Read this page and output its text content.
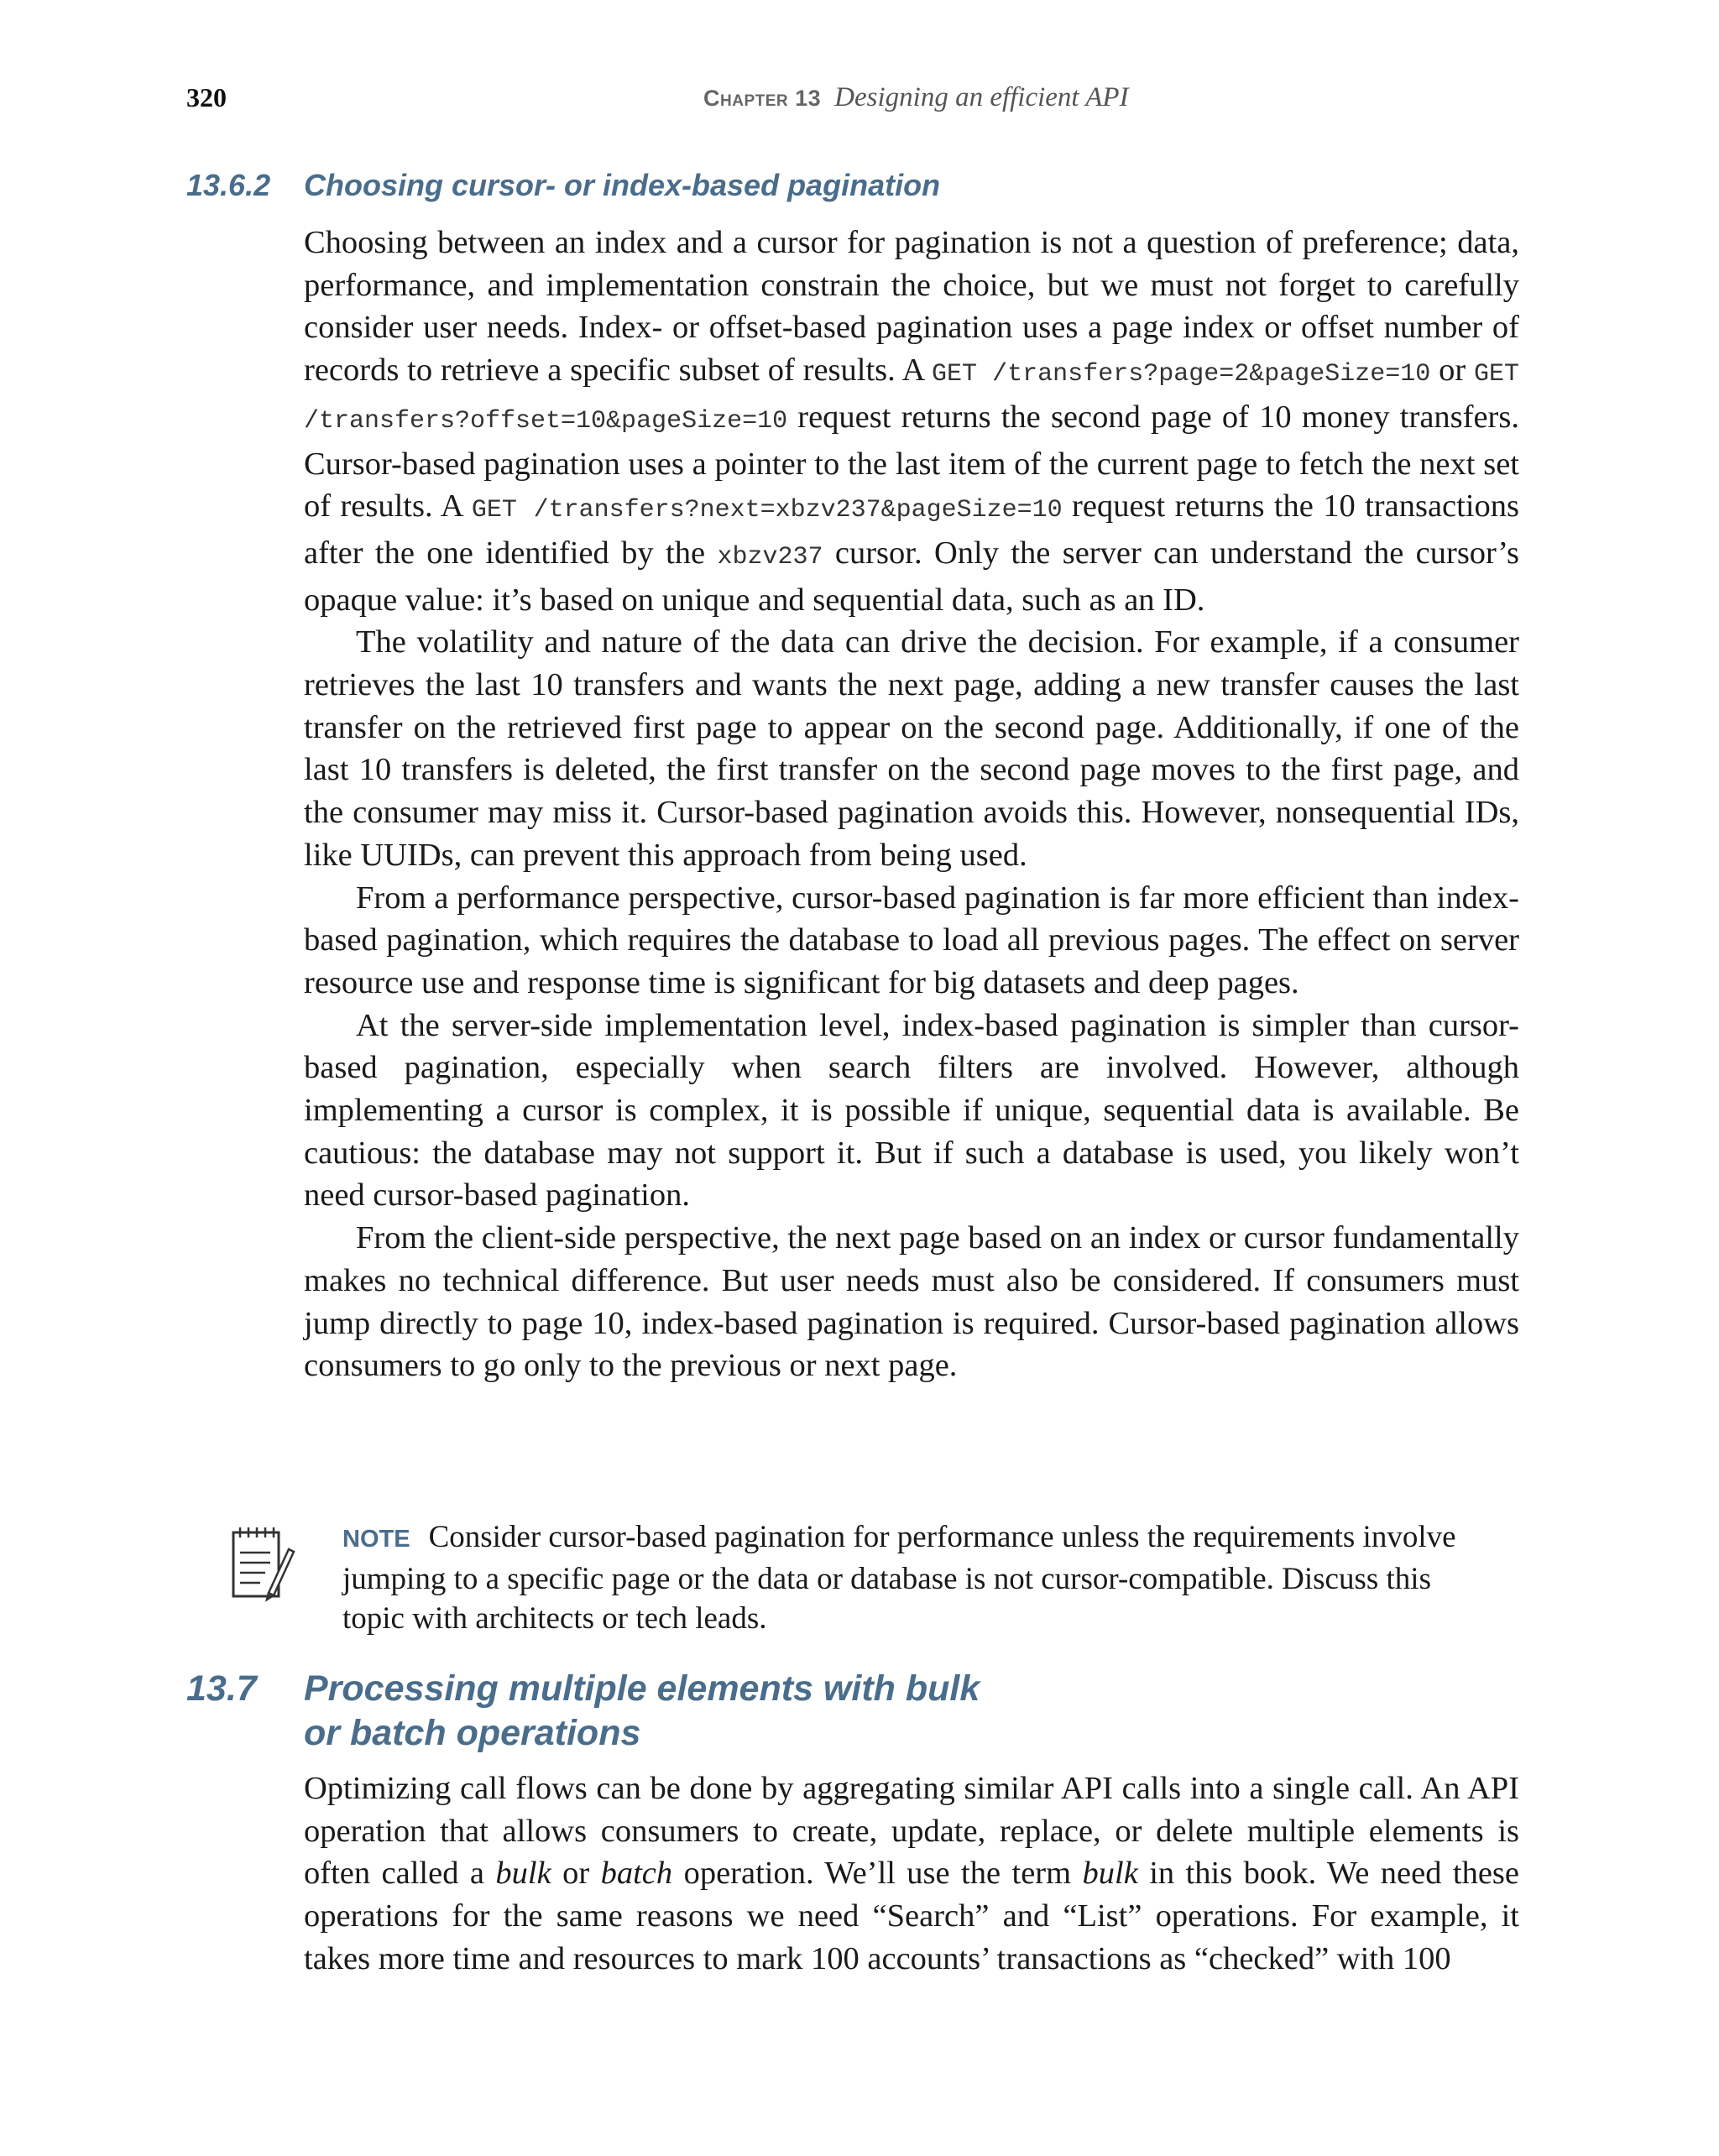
320	Chapter 13 Designing an efficient API
13.6.2 Choosing cursor- or index-based pagination

Choosing between an index and a cursor for pagination is not a question of preference; data, performance, and implementation constrain the choice, but we must not forget to carefully consider user needs. Index- or offset-based pagination uses a page index or offset number of records to retrieve a specific subset of results. A GET /transfers?page=2&pageSize=10 or GET /transfers?offset=10&pageSize=10 request returns the second page of 10 money transfers. Cursor-based pagination uses a pointer to the last item of the current page to fetch the next set of results. A GET /transfers?next=xbzv237&pageSize=10 request returns the 10 transactions after the one identified by the xbzv237 cursor. Only the server can understand the cursor’s opaque value: it’s based on unique and sequential data, such as an ID.

The volatility and nature of the data can drive the decision. For example, if a consumer retrieves the last 10 transfers and wants the next page, adding a new transfer causes the last transfer on the retrieved first page to appear on the second page. Additionally, if one of the last 10 transfers is deleted, the first transfer on the second page moves to the first page, and the consumer may miss it. Cursor-based pagination avoids this. However, nonsequential IDs, like UUIDs, can prevent this approach from being used.

From a performance perspective, cursor-based pagination is far more efficient than index-based pagination, which requires the database to load all previous pages. The effect on server resource use and response time is significant for big datasets and deep pages.

At the server-side implementation level, index-based pagination is simpler than cursor-based pagination, especially when search filters are involved. However, although implementing a cursor is complex, it is possible if unique, sequential data is available. Be cautious: the database may not support it. But if such a database is used, you likely won’t need cursor-based pagination.

From the client-side perspective, the next page based on an index or cursor fundamentally makes no technical difference. But user needs must also be considered. If consumers must jump directly to page 10, index-based pagination is required. Cursor-based pagination allows consumers to go only to the previous or next page.

NOTE Consider cursor-based pagination for performance unless the requirements involve jumping to a specific page or the data or database is not cursor-compatible. Discuss this topic with architects or tech leads.
13.7 Processing multiple elements with bulk
or batch operations

Optimizing call flows can be done by aggregating similar API calls into a single call. An API operation that allows consumers to create, update, replace, or delete multiple elements is often called a bulk or batch operation. We’ll use the term bulk in this book. We need these operations for the same reasons we need “Search” and “List” operations. For example, it takes more time and resources to mark 100 accounts’ transactions as “checked” with 100
